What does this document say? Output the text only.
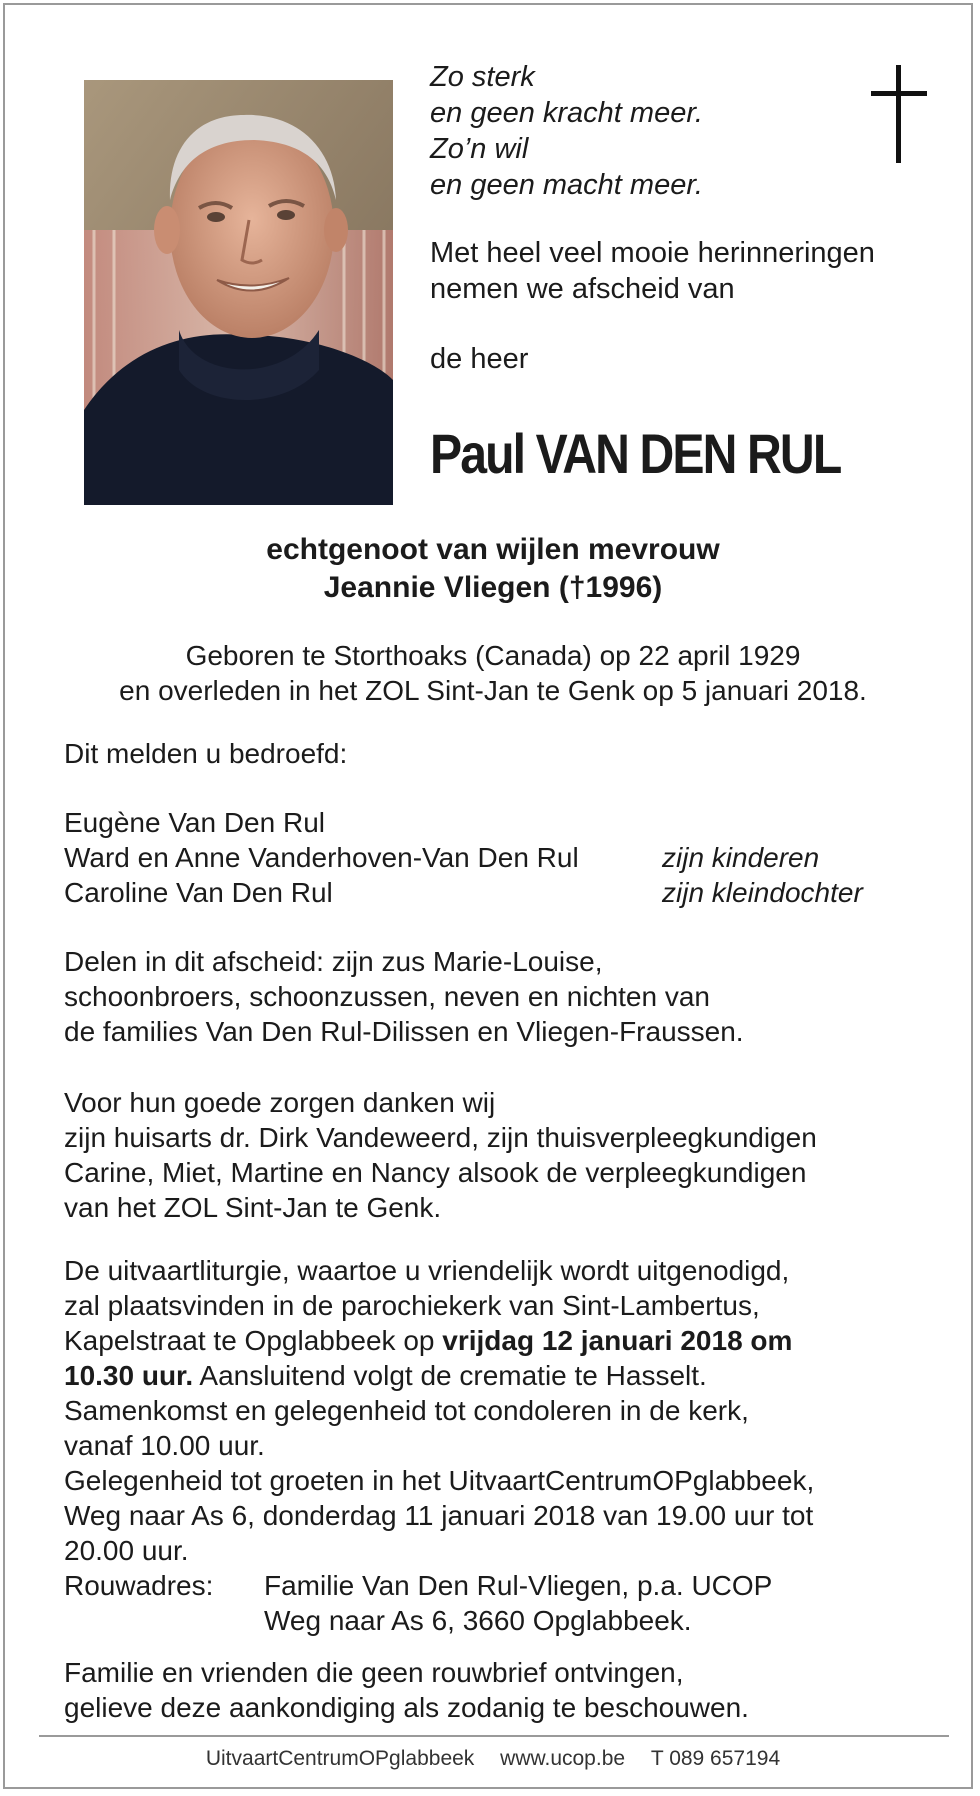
Zo sterk
en geen kracht meer.
Zo’n wil
en geen macht meer.
Met heel veel mooie herinneringen
nemen we afscheid van
de heer
Paul VAN DEN RUL
echtgenoot van wijlen mevrouw
Jeannie Vliegen (†1996)
Geboren te Storthoaks (Canada) op 22 april 1929
en overleden in het ZOL Sint-Jan te Genk op 5 januari 2018.
Dit melden u bedroefd:
Eugène Van Den Rul
Ward en Anne Vanderhoven-Van Den Rul	zijn kinderen
Caroline Van Den Rul	zijn kleindochter
Delen in dit afscheid: zijn zus Marie-Louise,
schoonbroers, schoonzussen, neven en nichten van
de families Van Den Rul-Dilissen en Vliegen-Fraussen.
Voor hun goede zorgen danken wij
zijn huisarts dr. Dirk Vandeweerd, zijn thuisverpleegkundigen
Carine, Miet, Martine en Nancy alsook de verpleegkundigen
van het ZOL Sint-Jan te Genk.
De uitvaartliturgie, waartoe u vriendelijk wordt uitgenodigd,
zal plaatsvinden in de parochiekerk van Sint-Lambertus,
Kapelstraat te Opglabbeek op vrijdag 12 januari 2018 om
10.30 uur. Aansluitend volgt de crematie te Hasselt.
Samenkomst en gelegenheid tot condoleren in de kerk,
vanaf 10.00 uur.
Gelegenheid tot groeten in het UitvaartCentrumOPglabbeek,
Weg naar As 6, donderdag 11 januari 2018 van 19.00 uur tot
20.00 uur.
Rouwadres: Familie Van Den Rul-Vliegen, p.a. UCOP
Weg naar As 6, 3660 Opglabbeek.
Familie en vrienden die geen rouwbrief ontvingen,
gelieve deze aankondiging als zodanig te beschouwen.
UitvaartCentrumOPglabbeek www.ucop.be T 089 657194
